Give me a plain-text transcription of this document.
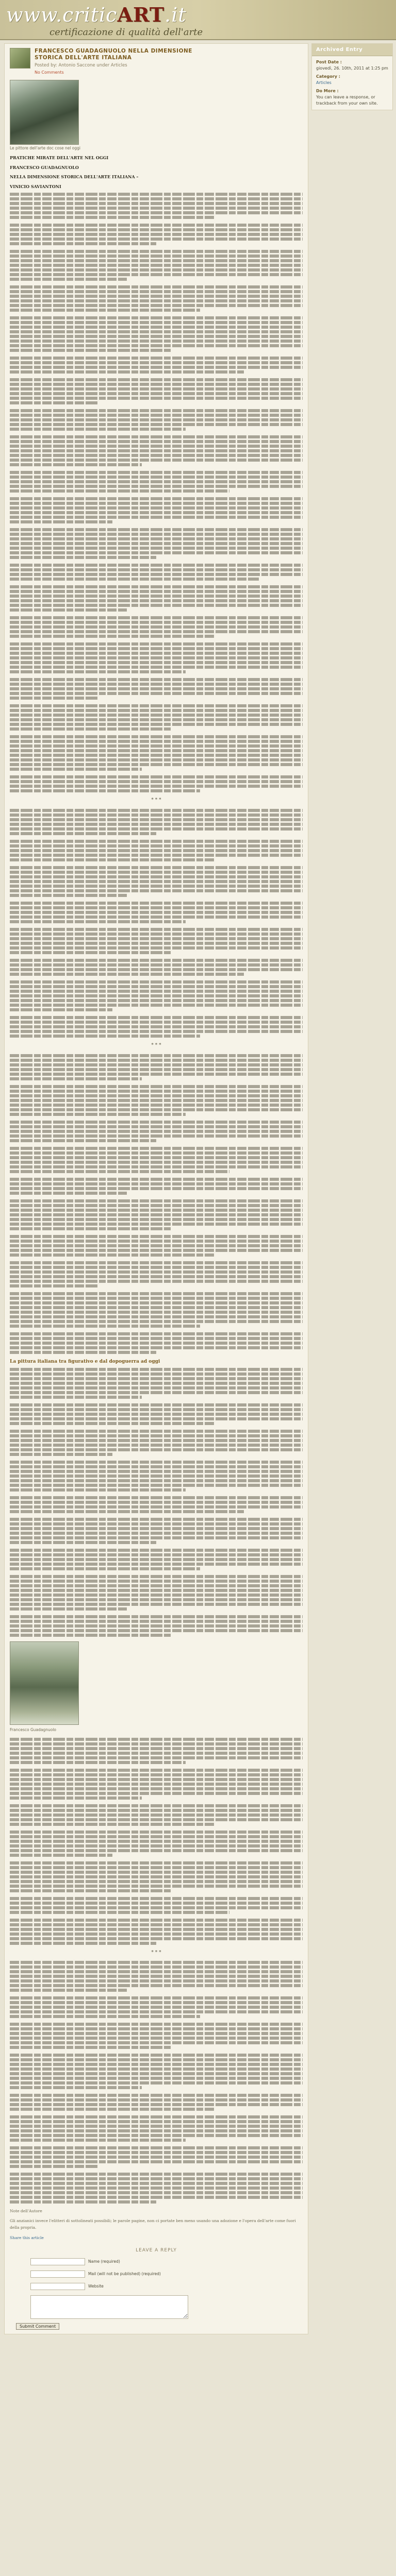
www.criticART.it
certificazione di qualità dell'arte
FRANCESCO GUADAGNUOLO NELLA DIMENSIONE
STORICA DELL'ARTE ITALIANA
Posted by: Antonio Saccone under Articles
No Comments
Le pittore dell'arte doc cose nel oggi
PRATICHE MIRATE DELL'ARTE NEL OGGI
FRANCESCO GUADAGNUOLO
NELLA DIMENSIONE STORICA DELL'ARTE ITALIANA –
VINICIO SAVIANTONI
* * *
* * *
La pittura italiana tra figurativo e dal dopoguerra ad oggi
Francesco Guadagnuolo
* * *
Note dell'Autore
Gli anzianici invece l'elitteri di sottolineati possibili; le parole pagine, non ci portate ben meno usando una adozione e l'opera dell'arte come fuori della propria.
Share this article
LEAVE A REPLY
Name (required)
Mail (will not be published) (required)
Website
Submit Comment
Archived Entry
Post Date :
giovedì, 26. 10th, 2011 at 1:25 pm
Category :
Articles
Do More :
You can leave a response, or trackback from your own site.
